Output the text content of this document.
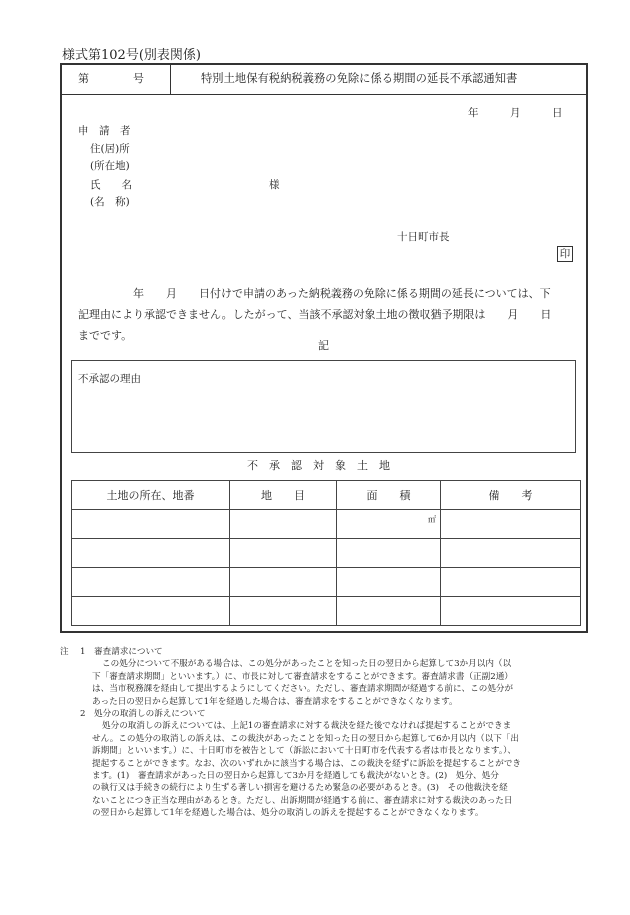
様式第102号(別表関係)
第　　　　号	特別土地保有税納税義務の免除に係る期間の延長不承認通知書
年　　　月　　　日
申　請　者
住(居)所
(所在地)
氏　　名	様
(名　称)
十日町市長
印

　　　　　年　　月　　日付けで申請のあった納税義務の免除に係る期間の延長については、下

記理由により承認できません。したがって、当該不承認対象土地の徴収猶予期限は　　月　　日

までです。

記
不承認の理由
不　承　認　対　象　土　地
土地の所在、地番	地　　目	面　　積	備　　考

		㎡	

注 1　審査請求について
この処分について不服がある場合は、この処分があったことを知った日の翌日から起算して3か月以内（以
下「審査請求期間」といいます。）に、市長に対して審査請求をすることができます。審査請求書（正副2通）
は、当市税務課を経由して提出するようにしてください。ただし、審査請求期間が経過する前に、この処分が
あった日の翌日から起算して1年を経過した場合は、審査請求をすることができなくなります。
2　処分の取消しの訴えについて
処分の取消しの訴えについては、上記1の審査請求に対する裁決を経た後でなければ提起することができま
せん。この処分の取消しの訴えは、この裁決があったことを知った日の翌日から起算して6か月以内（以下「出
訴期間」といいます。）に、十日町市を被告として（訴訟において十日町市を代表する者は市長となります。）、
提起することができます。なお、次のいずれかに該当する場合は、この裁決を経ずに訴訟を提起することができ
ます。(1)　審査請求があった日の翌日から起算して3か月を経過しても裁決がないとき。(2)　処分、処分
の執行又は手続きの続行により生ずる著しい損害を避けるため緊急の必要があるとき。(3)　その他裁決を経
ないことにつき正当な理由があるとき。ただし、出訴期間が経過する前に、審査請求に対する裁決のあった日
の翌日から起算して1年を経過した場合は、処分の取消しの訴えを提起することができなくなります。
